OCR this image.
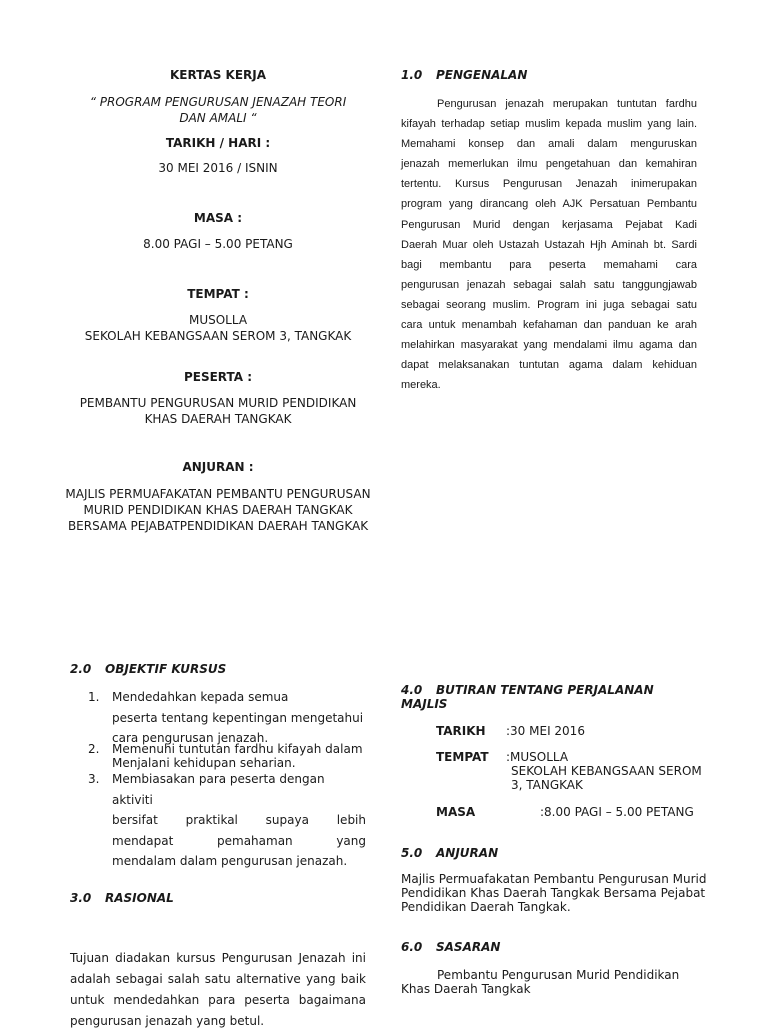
KERTAS KERJA
“ PROGRAM PENGURUSAN JENAZAH TEORI DAN AMALI “
TARIKH / HARI :
30 MEI 2016 / ISNIN
MASA :
8.00 PAGI – 5.00 PETANG
TEMPAT :
MUSOLLA
SEKOLAH KEBANGSAAN SEROM 3, TANGKAK
PESERTA :
PEMBANTU PENGURUSAN MURID PENDIDIKAN
KHAS DAERAH TANGKAK
ANJURAN :
MAJLIS PERMUAFAKATAN PEMBANTU PENGURUSAN
MURID PENDIDIKAN KHAS DAERAH TANGKAK
BERSAMA PEJABATPENDIDIKAN DAERAH TANGKAK
1.0 PENGENALAN
Pengurusan jenazah merupakan tuntutan fardhu
kifayah terhadap setiap muslim kepada muslim yang lain.
Memahami konsep dan amali dalam menguruskan
jenazah memerlukan ilmu pengetahuan dan kemahiran
tertentu. Kursus Pengurusan Jenazah inimerupakan
program yang dirancang oleh AJK Persatuan Pembantu
Pengurusan Murid dengan kerjasama Pejabat Kadi
Daerah Muar oleh Ustazah Ustazah Hjh Aminah bt. Sardi
bagi membantu para peserta memahami cara
pengurusan jenazah sebagai salah satu tanggungjawab
sebagai seorang muslim. Program ini juga sebagai satu
cara untuk menambah kefahaman dan panduan ke arah
melahirkan masyarakat yang mendalami ilmu agama dan
dapat melaksanakan tuntutan agama dalam kehiduan
mereka.
2.0 OBJEKTIF KURSUS
1.	Mendedahkan kepada semua
peserta tentang kepentingan mengetahui
cara pengurusan jenazah.
2.	Memenuhi tuntutan fardhu kifayah dalam
Menjalani kehidupan seharian.
3.	Membiasakan para peserta dengan aktiviti
bersifat praktikal supaya lebih
mendapat pemahaman yang
mendalam dalam pengurusan jenazah.
3.0 RASIONAL
Tujuan diadakan kursus Pengurusan Jenazah ini
adalah sebagai salah satu alternative yang baik
untuk mendedahkan para peserta bagaimana
pengurusan jenazah yang betul.
4.0 BUTIRAN TENTANG PERJALANAN MAJLIS
TARIKH :30 MEI 2016
TEMPAT :MUSOLLA
SEKOLAH KEBANGSAAN SEROM
3, TANGKAK
MASA	:8.00 PAGI – 5.00 PETANG
5.0 ANJURAN
Majlis Permuafakatan Pembantu Pengurusan Murid
Pendidikan Khas Daerah Tangkak Bersama Pejabat
Pendidikan Daerah Tangkak.
6.0 SASARAN
Pembantu Pengurusan Murid Pendidikan
Khas Daerah Tangkak
